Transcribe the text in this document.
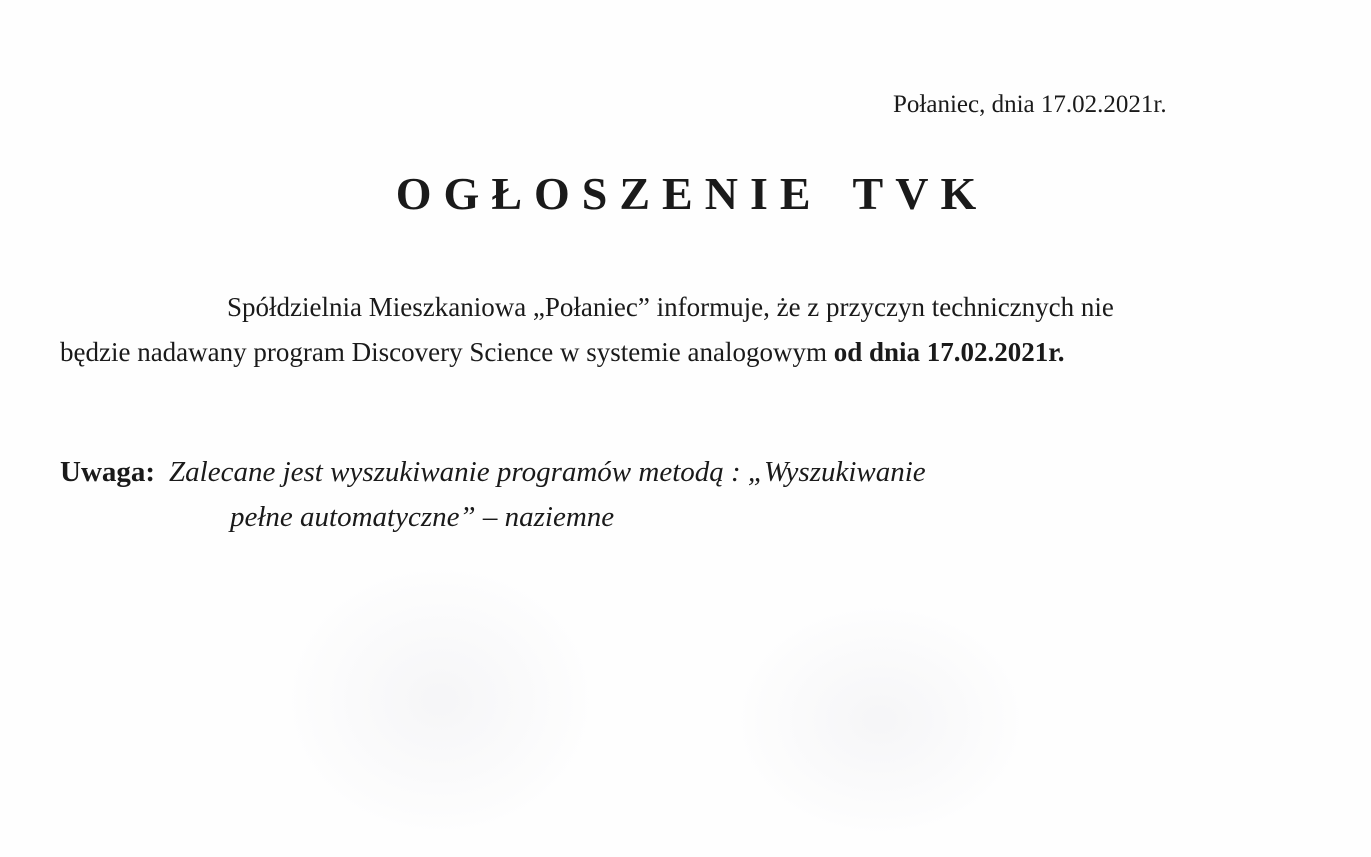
Połaniec, dnia 17.02.2021r.
OGŁOSZENIE TVK
Spółdzielnia Mieszkaniowa „Połaniec” informuje, że z przyczyn technicznych nie
będzie nadawany program Discovery Science w systemie analogowym od dnia 17.02.2021r.
Uwaga: Zalecane jest wyszukiwanie programów metodą : „Wyszukiwanie
pełne automatyczne” – naziemne
